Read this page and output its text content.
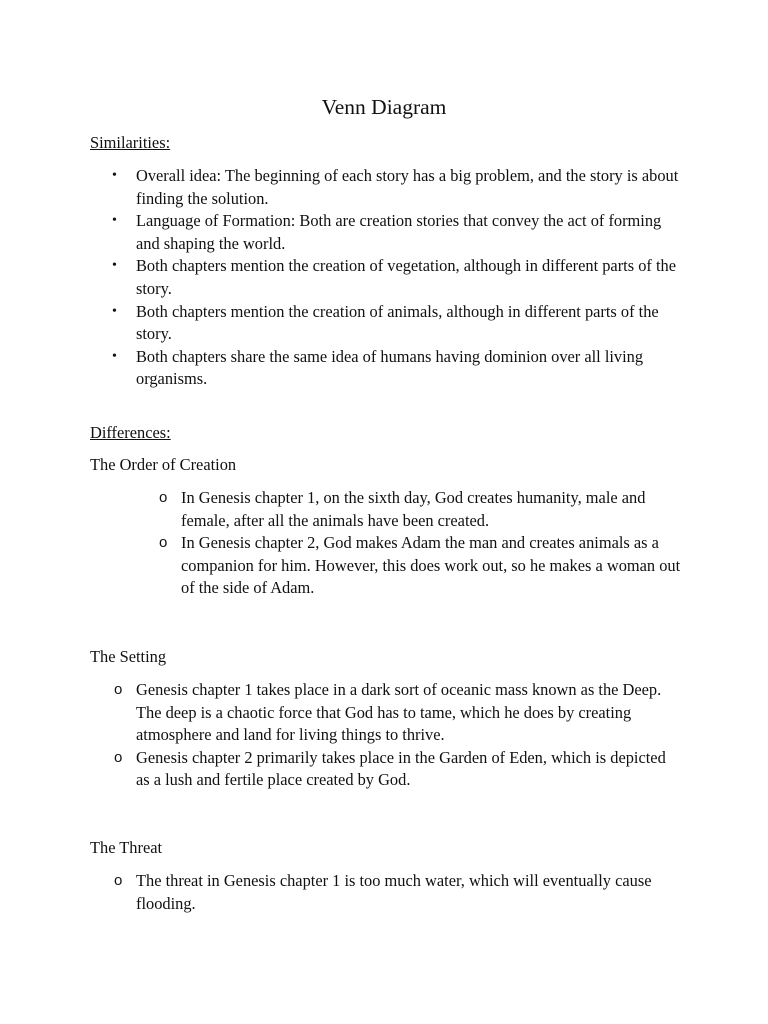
Venn Diagram
Similarities:
• Overall idea: The beginning of each story has a big problem, and the story is about finding the solution.
• Language of Formation: Both are creation stories that convey the act of forming and shaping the world.
• Both chapters mention the creation of vegetation, although in different parts of the story.
• Both chapters mention the creation of animals, although in different parts of the story.
• Both chapters share the same idea of humans having dominion over all living organisms.
Differences:
The Order of Creation
o In Genesis chapter 1, on the sixth day, God creates humanity, male and female, after all the animals have been created.
o In Genesis chapter 2, God makes Adam the man and creates animals as a companion for him. However, this does work out, so he makes a woman out of the side of Adam.
The Setting
o Genesis chapter 1 takes place in a dark sort of oceanic mass known as the Deep. The deep is a chaotic force that God has to tame, which he does by creating atmosphere and land for living things to thrive.
o Genesis chapter 2 primarily takes place in the Garden of Eden, which is depicted as a lush and fertile place created by God.
The Threat
o The threat in Genesis chapter 1 is too much water, which will eventually cause flooding.
